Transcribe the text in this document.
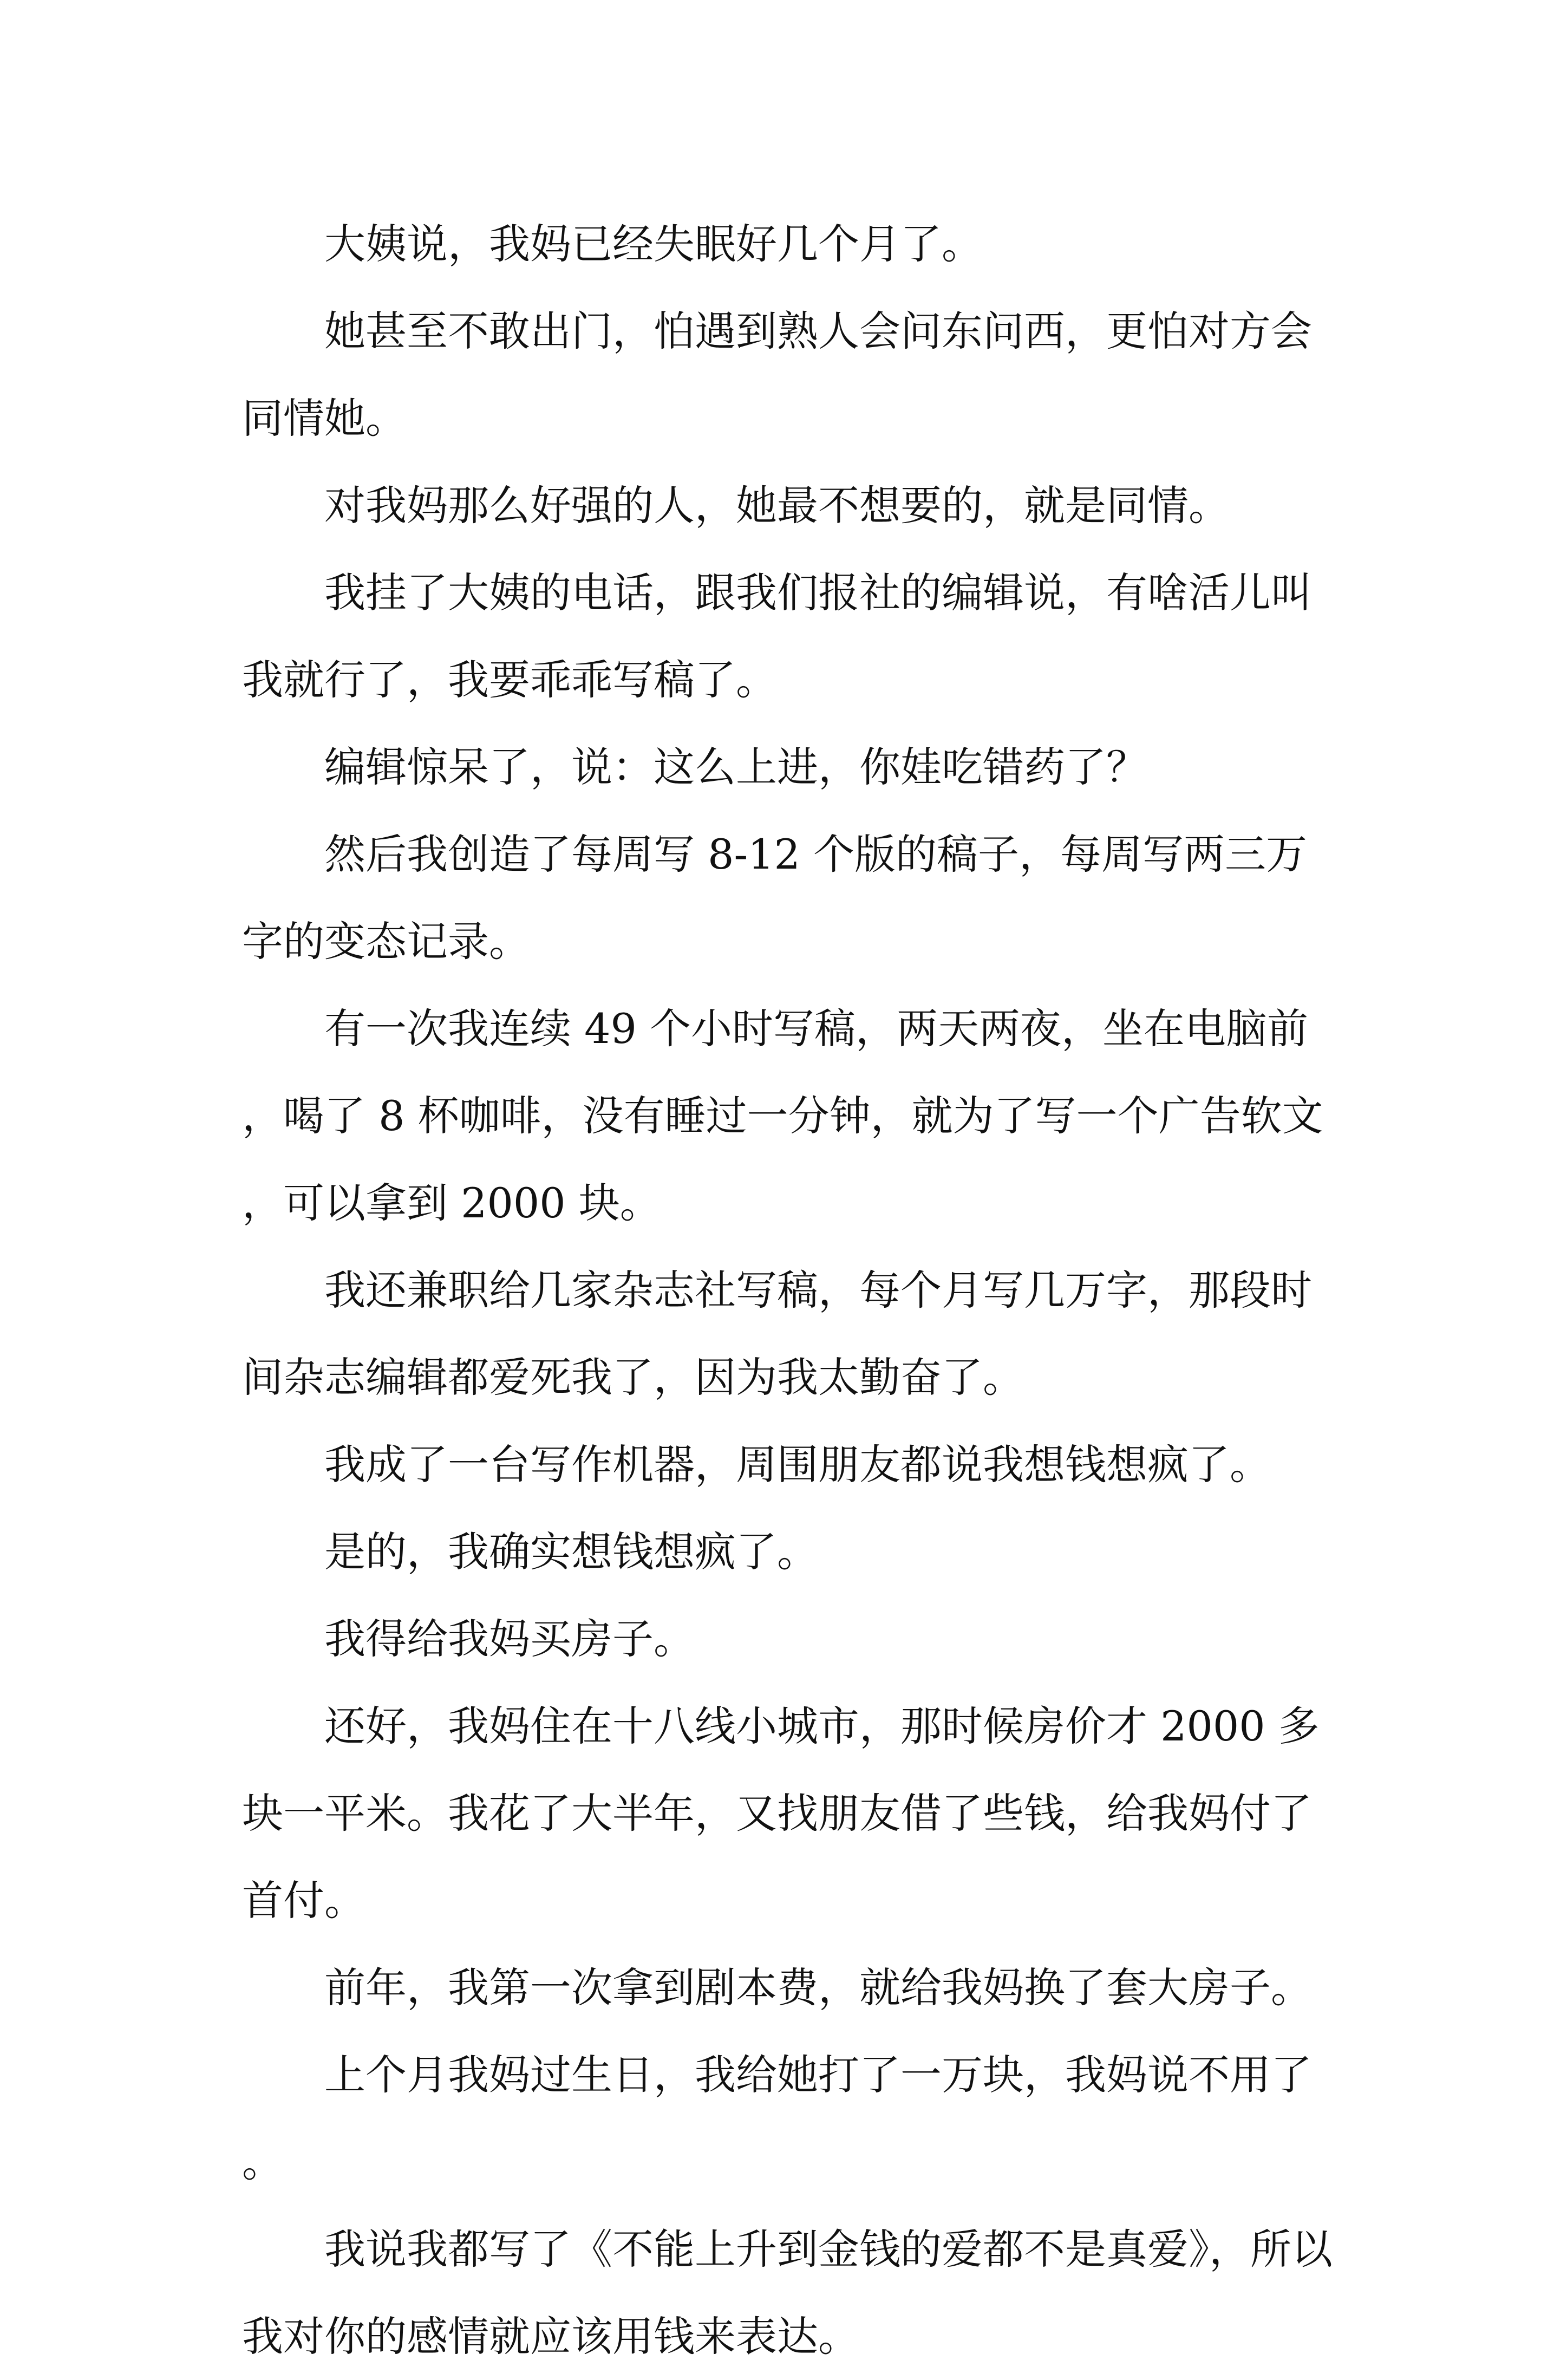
大姨说，我妈已经失眠好几个月了。

她甚至不敢出门，怕遇到熟人会问东问西，更怕对方会同情她。

对我妈那么好强的人，她最不想要的，就是同情。

我挂了大姨的电话，跟我们报社的编辑说，有啥活儿叫我就行了，我要乖乖写稿了。

编辑惊呆了，说：这么上进，你娃吃错药了？

然后我创造了每周写 8-12 个版的稿子，每周写两三万字的变态记录。

有一次我连续 49 个小时写稿，两天两夜，坐在电脑前，喝了 8 杯咖啡，没有睡过一分钟，就为了写一个广告软文，可以拿到 2000 块。

我还兼职给几家杂志社写稿，每个月写几万字，那段时间杂志编辑都爱死我了，因为我太勤奋了。

我成了一台写作机器，周围朋友都说我想钱想疯了。

是的，我确实想钱想疯了。

我得给我妈买房子。

还好，我妈住在十八线小城市，那时候房价才 2000 多块一平米。我花了大半年，又找朋友借了些钱，给我妈付了首付。

前年，我第一次拿到剧本费，就给我妈换了套大房子。

上个月我妈过生日，我给她打了一万块，我妈说不用了。

我说我都写了《不能上升到金钱的爱都不是真爱》，所以我对你的感情就应该用钱来表达。
